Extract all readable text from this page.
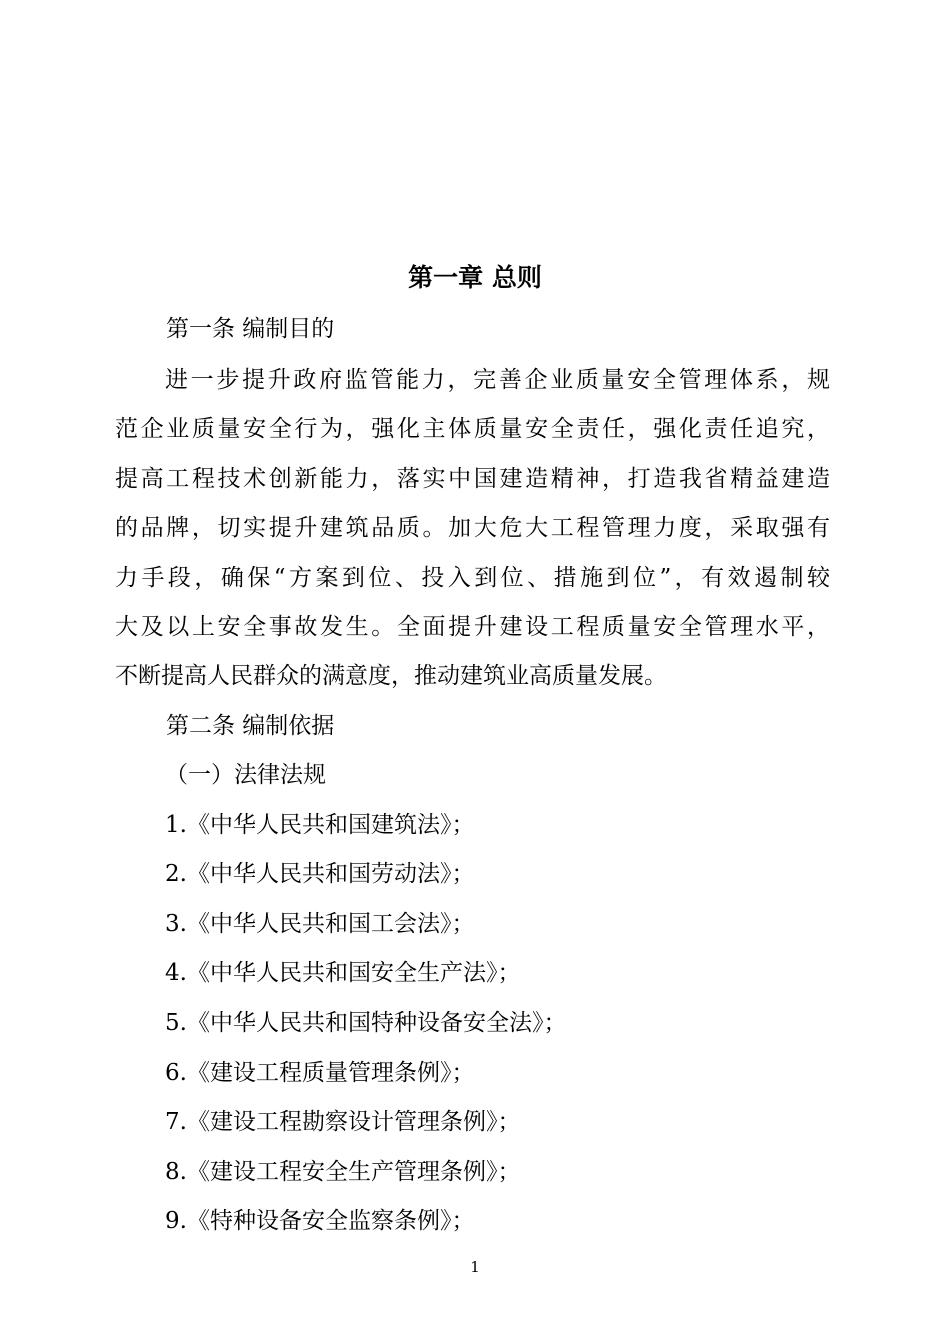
第一章 总则
第一条 编制目的
进一步提升政府监管能力，完善企业质量安全管理体系，规
范企业质量安全行为，强化主体质量安全责任，强化责任追究，
提高工程技术创新能力，落实中国建造精神，打造我省精益建造
的品牌，切实提升建筑品质。加大危大工程管理力度，采取强有
力手段，确保“方案到位、投入到位、措施到位”，有效遏制较
大及以上安全事故发生。全面提升建设工程质量安全管理水平，
不断提高人民群众的满意度，推动建筑业高质量发展。
第二条 编制依据
（一）法律法规
1.《中华人民共和国建筑法》；
2.《中华人民共和国劳动法》；
3.《中华人民共和国工会法》；
4.《中华人民共和国安全生产法》；
5.《中华人民共和国特种设备安全法》；
6.《建设工程质量管理条例》；
7.《建设工程勘察设计管理条例》；
8.《建设工程安全生产管理条例》；
9.《特种设备安全监察条例》；
1
